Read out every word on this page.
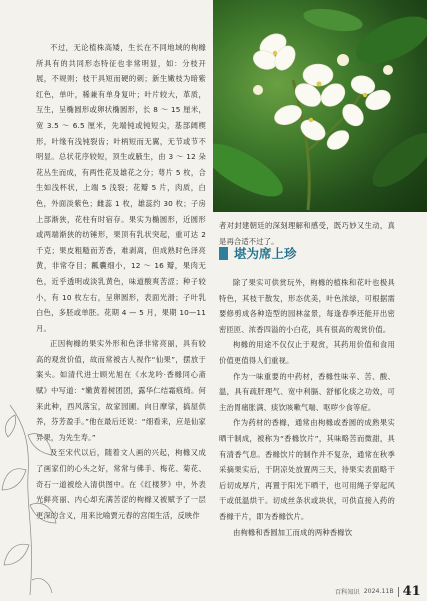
不过，无论植株高矮，生长在不同地域的枸橼所具有的共同形态特征也非常明显，如：分枝开展，不规则；枝干具短而硬的刺；新生嫩枝为暗紫红色，单叶，稀兼有单身复叶；叶片较大，革质，互生，呈椭圆形或卵状椭圆形，长 8 ～ 15 厘米，宽 3.5 ～ 6.5 厘米，先端钝或钝短尖，基部阔楔形，叶缘有浅钝裂齿；叶柄短而无翼，无节或节不明显。总状花序较短，顶生或腋生，由 3 ～ 12 朵花丛生而成，有两性花及雄花之分；萼片 5 枚，合生如浅杯状，上端 5 浅裂；花瓣 5 片，肉质，白色，外面淡紫色；雌蕊 1 枚，雄蕊约 30 枚；子房上部渐狭，花柱有时宿存。果实为椭圆形，近圆形或两端渐狭的纺锤形，果顶有乳状突起，重可达 2 千克；果皮粗糙而芳香，难剥离，但成熟时色泽亮黄，非常夺目；瓤囊细小，12 ～ 16 瓣，果肉无色，近乎透明或淡乳黄色，味道酸爽苦涩；种子较小，有 10 枚左右，呈卵圆形，表面光滑；子叶乳白色，多胚或单胚。花期 4 — 5 月，果期 10—11 月。

正因枸橼的果实外形和色泽非常亮丽，具有较高的观赏价值，故而常被古人视作“仙果”，摆放于案头。如清代进士顾光旭在《水龙吟·香橼同心斋赋》中写道：“嫩黄着树团团，露华仁结霜痕绮。何来此种，西风落宝，故家园圃。向日摩挲，搞屋供养，芬芳盈手。”他在最后还说：“细看来，应是仙家异果，为先生寿。”

及至宋代以后，随着文人画的兴起，枸橼又成了画家们的心头之好，常常与佛手、梅花、菊花、奇石一道被绘入清供图中。在《红楼梦》中，外表光鲜亮丽、内心却充满苦涩的枸橼又被赋予了一层更深的含义，用来比喻贾元春的宫闱生活，反映作

者对封建朝廷的深刻理解和感受，既巧妙又生动，真是再合适不过了。

堪为席上珍

除了果实可供赏玩外，枸橼的植株和花叶也极具特色，其枝干散发，形态优美，叶色浓绿，可根据需要修剪成各种造型的园林盆景，每逢春季还能开出密密匝匝、浓香四溢的小白花，具有很高的观赏价值。

枸橼的用途不仅仅止于观赏，其药用价值和食用价值更值得人们重视。

作为一味重要的中药材，香橼性味辛、苦、酸、温，具有疏肝理气、宽中利膈、舒郁化痰之功效，可主治胃痛胀满、痰饮咳嗽气喘、呕哕少食等症。

作为药材的香橼，通常由枸橼或香圆的成熟果实晒干制成，被称为“香橼饮片”，其味略苦而微甜，具有清香气息。香橼饮片的制作并不复杂，通常在秋季采摘果实后，于阴凉处放置两三天，待果实表面略干后切成厚片，再置于阳光下晒干，也可用绳子穿起风干或低温烘干。切成丝条状或块状，可供直接入药的香橼干片，即为香橼饮片。

由枸橼和香圆加工而成的两种香橼饮

百科知识 2024.11B 41
